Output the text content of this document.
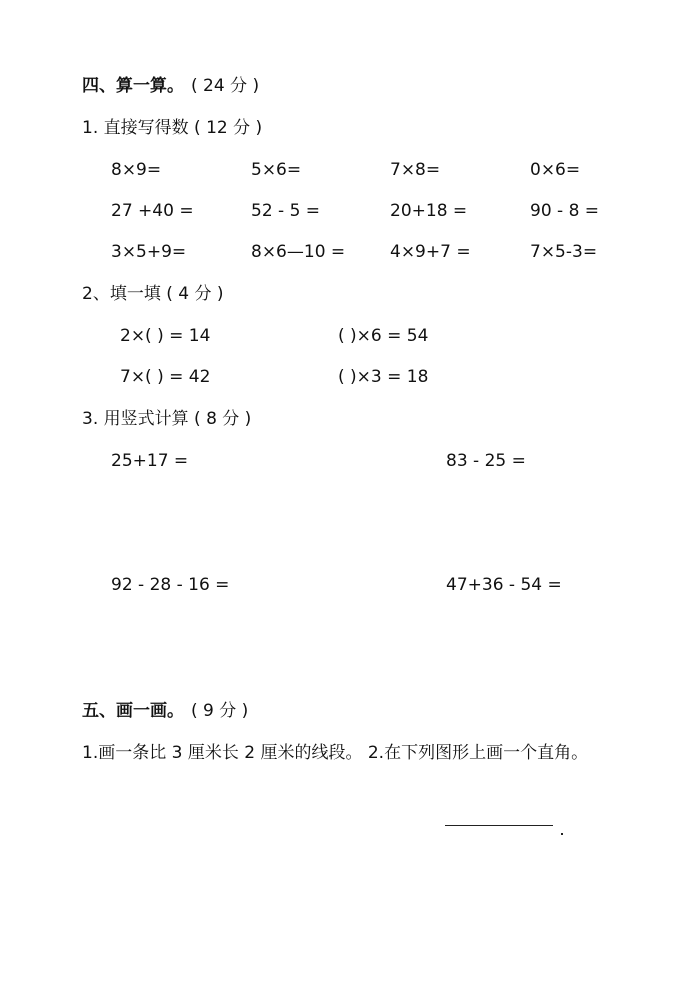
四、算一算。 ( 24 分 )
1. 直接写得数 ( 12 分 )
8×9=	5×6=	7×8=	0×6=
27 +40 =	52 - 5 =	20+18 =	90 - 8 =
3×5+9=	8×6—10 =	4×9+7 =	7×5-3=
2、填一填 ( 4 分 )
2×( ) = 14	( )×6 = 54
7×( ) = 42	( )×3 = 18
3. 用竖式计算 ( 8 分 )
25+17 =	83 - 25 =
92 - 28 - 16 =	47+36 - 54 =
五、画一画。 ( 9 分 )
1.画一条比 3 厘米长 2 厘米的线段。 2.在下列图形上画一个直角。
